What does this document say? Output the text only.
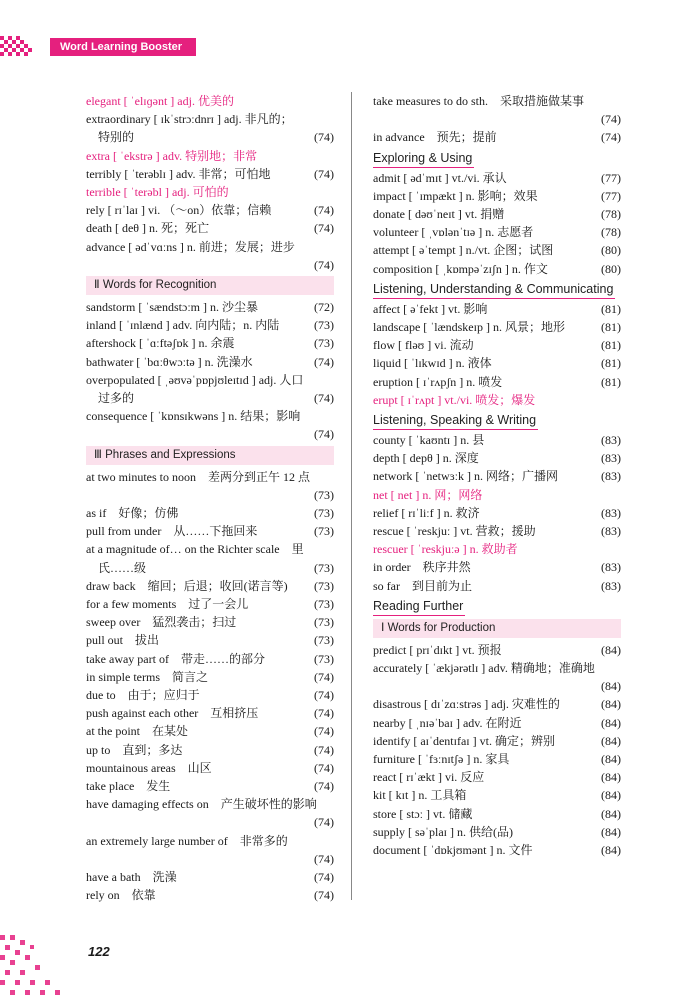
Word Learning Booster
elegant [ ˈelɪɡənt ] adj. 优美的
extraordinary [ ɪkˈstrɔːdnrɪ ] adj. 非凡的；
特别的	(74)
extra [ ˈekstrə ] adv. 特别地；非常
terribly [ ˈterəblɪ ] adv. 非常；可怕地	(74)
terrible [ ˈterəbl ] adj. 可怕的
rely [ rɪˈlaɪ ] vi. （～on）依靠；信赖	(74)
death [ deθ ] n. 死；死亡	(74)
advance [ ədˈvɑːns ] n. 前进；发展；进步
(74)
Ⅱ Words for Recognition
sandstorm [ ˈsændstɔːm ] n. 沙尘暴	(72)
inland [ ˈɪnlænd ] adv. 向内陆；n. 内陆	(73)
aftershock [ ˈɑːftəʃɒk ] n. 余震	(73)
bathwater [ ˈbɑːθwɔːtə ] n. 洗澡水	(74)
overpopulated [ ˌəʊvəˈpɒpjʊleɪtɪd ] adj. 人口
过多的	(74)
consequence [ ˈkɒnsɪkwəns ] n. 结果；影响
(74)
Ⅲ Phrases and Expressions
at two minutes to noon　差两分到正午 12 点
(73)
as if　好像；仿佛	(73)
pull from under　从……下拖回来	(73)
at a magnitude of… on the Richter scale　里
氏……级	(73)
draw back　缩回；后退；收回(诺言等) (73)
for a few moments　过了一会儿	(73)
sweep over　猛烈袭击；扫过	(73)
pull out　拔出	(73)
take away part of　带走……的部分	(73)
in simple terms　简言之	(74)
due to　由于；应归于	(74)
push against each other　互相挤压	(74)
at the point　在某处	(74)
up to　直到；多达	(74)
mountainous areas　山区	(74)
take place　发生	(74)
have damaging effects on　产生破坏性的影响
(74)
an extremely large number of　非常多的
(74)
have a bath　洗澡	(74)
rely on　依靠	(74)
take measures to do sth.　采取措施做某事
(74)
in advance　预先；提前	(74)
Exploring & Using
admit [ ədˈmɪt ] vt./vi. 承认	(77)
impact [ ˈɪmpækt ] n. 影响；效果	(77)
donate [ dəʊˈneɪt ] vt. 捐赠	(78)
volunteer [ ˌvɒlənˈtɪə ] n. 志愿者	(78)
attempt [ əˈtempt ] n./vt. 企图；试图	(80)
composition [ ˌkɒmpəˈzɪʃn ] n. 作文	(80)
Listening, Understanding & Communicating
affect [ əˈfekt ] vt. 影响	(81)
landscape [ ˈlændskeɪp ] n. 风景；地形	(81)
flow [ fləʊ ] vi. 流动	(81)
liquid [ ˈlɪkwɪd ] n. 液体	(81)
eruption [ ɪˈrʌpʃn ] n. 喷发	(81)
erupt [ ɪˈrʌpt ] vt./vi. 喷发；爆发
Listening, Speaking & Writing
county [ ˈkaʊntɪ ] n. 县	(83)
depth [ depθ ] n. 深度	(83)
network [ ˈnetwɜːk ] n. 网络；广播网	(83)
net [ net ] n. 网；网络
relief [ rɪˈliːf ] n. 救济	(83)
rescue [ ˈreskjuː ] vt. 营救；援助	(83)
rescuer [ ˈreskjuːə ] n. 救助者
in order　秩序井然	(83)
so far　到目前为止	(83)
Reading Further
Ⅰ Words for Production
predict [ prɪˈdɪkt ] vt. 预报	(84)
accurately [ ˈækjərətlɪ ] adv. 精确地；准确地
(84)
disastrous [ dɪˈzɑːstrəs ] adj. 灾难性的	(84)
nearby [ ˌnɪəˈbaɪ ] adv. 在附近	(84)
identify [ aɪˈdentɪfaɪ ] vt. 确定；辨别	(84)
furniture [ ˈfɜːnɪtʃə ] n. 家具	(84)
react [ rɪˈækt ] vi. 反应	(84)
kit [ kɪt ] n. 工具箱	(84)
store [ stɔː ] vt. 储藏	(84)
supply [ səˈplaɪ ] n. 供给(品)	(84)
document [ ˈdɒkjʊmənt ] n. 文件	(84)
122
